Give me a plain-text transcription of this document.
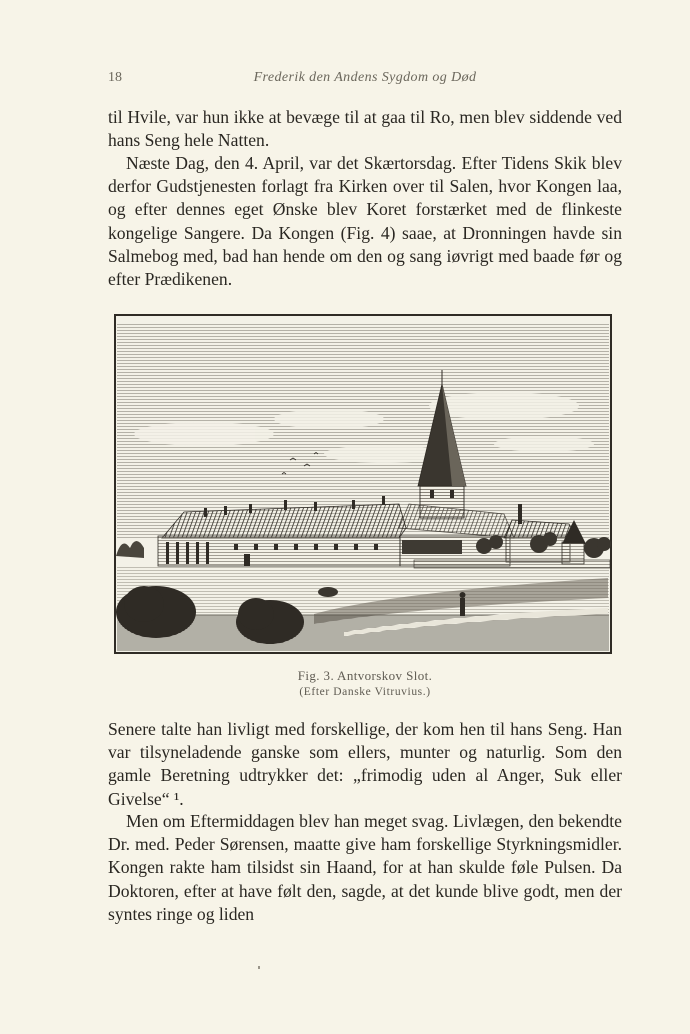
18	Frederik den Andens Sygdom og Død

til Hvile, var hun ikke at bevæge til at gaa til Ro, men blev siddende ved hans Seng hele Natten.

Næste Dag, den 4. April, var det Skærtorsdag. Efter Tidens Skik blev derfor Gudstjenesten forlagt fra Kirken over til Salen, hvor Kongen laa, og efter dennes eget Ønske blev Koret forstærket med de flinkeste kongelige Sangere. Da Kongen (Fig. 4) saae, at Dronningen havde sin Salmebog med, bad han hende om den og sang iøvrigt med baade før og efter Prædikenen.

Fig. 3. Antvorskov Slot.
(Efter Danske Vitruvius.)

Senere talte han livligt med forskellige, der kom hen til hans Seng. Han var tilsyneladende ganske som ellers, munter og naturlig. Som den gamle Beretning udtrykker det: „frimodig uden al Anger, Suk eller Givelse“ ¹.

Men om Eftermiddagen blev han meget svag. Livlægen, den bekendte Dr. med. Peder Sørensen, maatte give ham forskellige Styrkningsmidler. Kongen rakte ham tilsidst sin Haand, for at han skulde føle Pulsen. Da Doktoren, efter at have følt den, sagde, at det kunde blive godt, men der syntes ringe og liden
